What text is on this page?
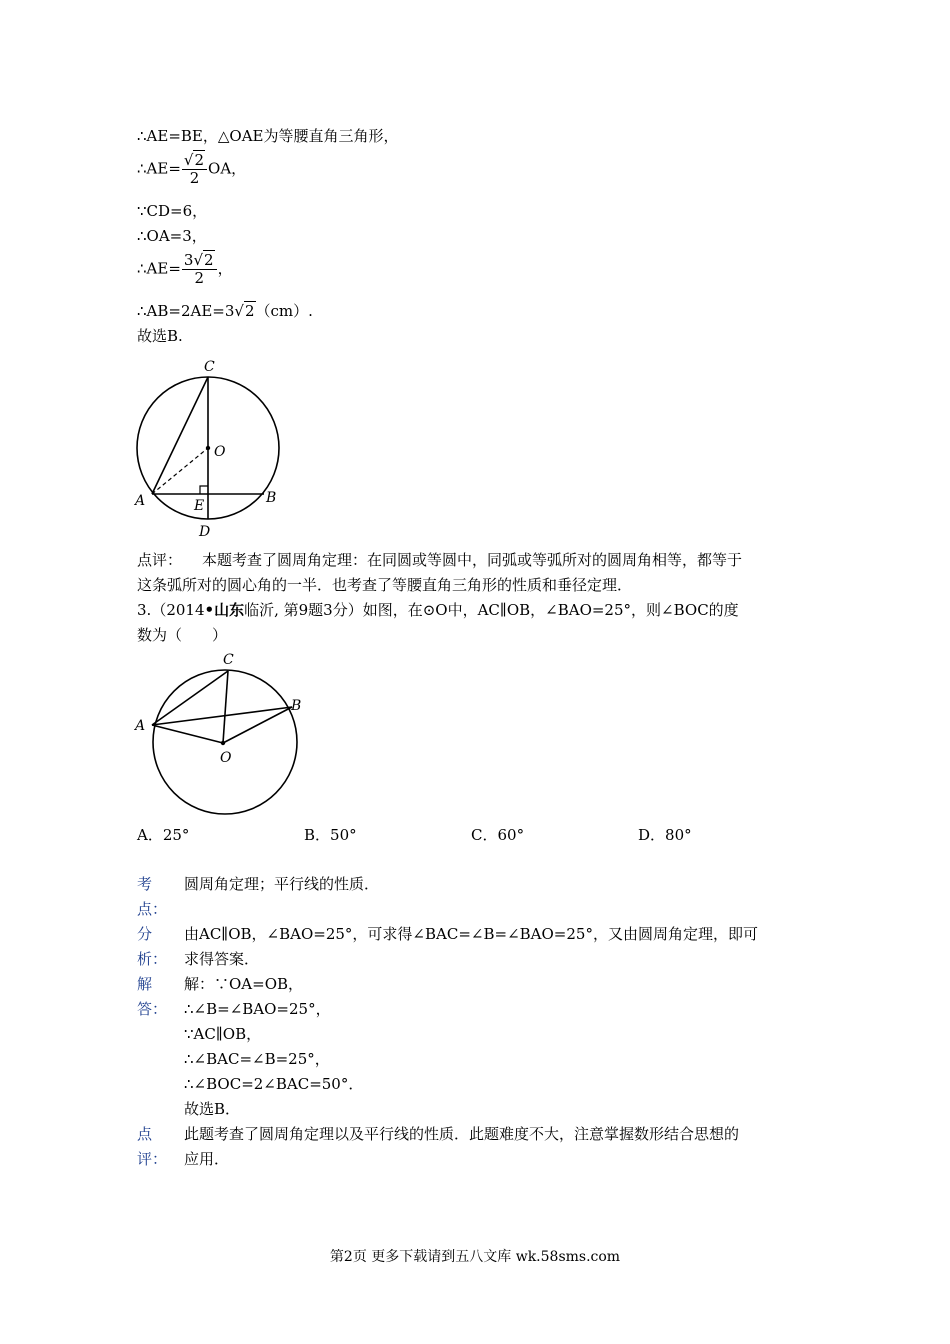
∴AE=BE，△OAE为等腰直角三角形，
∴AE= $\frac{√2}{2}$ OA，
∵CD=6，
∴OA=3，
∴AE= $\frac{3√2}{2}$ ，
∴AB=2AE=3√2（cm）.
故选B.
C
O
A	E	B
D
点评： 本题考查了圆周角定理：在同圆或等圆中，同弧或等弧所对的圆周角相等，都等于
这条弧所对的圆心角的一半．也考查了等腰直角三角形的性质和垂径定理．
3.（2014•山东临沂, 第9题3分）如图，在⊙O中，AC∥OB，∠BAO=25°，则∠BOC的度
数为（　　）
C
B
A
O
A．25°	B．50°	C．60°	D．80°
考
点：
圆周角定理；平行线的性质．
分
析：
由AC∥OB，∠BAO=25°，可求得∠BAC=∠B=∠BAO=25°，又由圆周角定理，即可
求得答案．
解
答：
解：∵OA=OB，
∴∠B=∠BAO=25°，
∵AC∥OB，
∴∠BAC=∠B=25°，
∴∠BOC=2∠BAC=50°．
故选B．
点
评：
此题考查了圆周角定理以及平行线的性质．此题难度不大，注意掌握数形结合思想的
应用．
第2页 更多下载请到五八文库 wk.58sms.com
